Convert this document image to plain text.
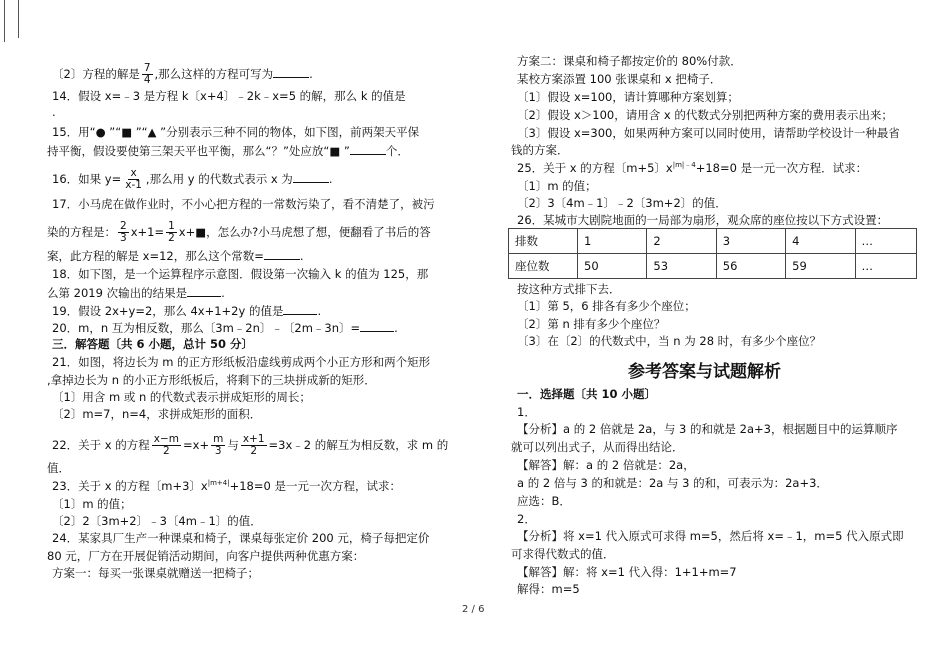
〔2〕方程的解是 $\frac{7}{4}$ ,那么这样的方程可写为	.
14．假设 x=﹣3 是方程 k〔x+4〕﹣2k﹣x=5 的解，那么 k 的值是
.
15．用“● ”“■ ”“▲ ”分别表示三种不同的物体，如下图，前两架天平保
持平衡，假设要使第三架天平也平衡，那么“？”处应放“■ ”	个．
16．如果 $y= \frac{x}{x-1}$ ,那么用 y 的代数式表示 x 为	.
17．小马虎在做作业时，不小心把方程的一常数污染了，看不清楚了，被污
染的方程是： $\frac{2}{3} x+1= \frac{1}{2}$ x+■，怎么办?小马虎想了想，便翻看了书后的答
案，此方程的解是 x=12，那么这个常数=	.
18．如下图，是一个运算程序示意图．假设第一次输入 k 的值为 125，那
么第 2019 次输出的结果是	.
19．假设 2x+y=2，那么 4x+1+2y 的值是	.
20．m，n 互为相反数，那么〔3m﹣2n〕﹣〔2m﹣3n〕=	.
三．解答题〔共 6 小题，总计 50 分〕
21．如图，将边长为 m 的正方形纸板沿虚线剪成两个小正方形和两个矩形
,拿掉边长为 n 的小正方形纸板后，将剩下的三块拼成新的矩形．
〔1〕用含 m 或 n 的代数式表示拼成矩形的周长；
〔2〕m=7，n=4，求拼成矩形的面积．
22．关于 x 的方程 $\frac{x-m}{2} =x+ \frac{m}{3}$ 与 $\frac{x+1}{2}$ =3x﹣2 的解互为相反数，求 m 的
值．
23．关于 x 的方程〔m+3〕$x^{|m+4|}+18=0$ 是一元一次方程，试求：
〔1〕m 的值；
〔2〕2〔3m+2〕﹣3〔4m﹣1〕的值．
24．某家具厂生产一种课桌和椅子，课桌每张定价 200 元，椅子每把定价
80 元，厂方在开展促销活动期间，向客户提供两种优惠方案：
方案一：每买一张课桌就赠送一把椅子；
方案二：课桌和椅子都按定价的 80%付款．
某校方案添置 100 张课桌和 x 把椅子．
〔1〕假设 x=100，请计算哪种方案划算；
〔2〕假设 x＞100，请用含 x 的代数式分别把两种方案的费用表示出来；
〔3〕假设 x=300，如果两种方案可以同时使用，请帮助学校设计一种最省
钱的方案．
25．关于 x 的方程〔m+5〕$x^{|m|﹣4}+18=0$ 是一元一次方程．试求：
〔1〕m 的值；
〔2〕3〔4m﹣1〕﹣2〔3m+2〕的值．
26．某城市大剧院地面的一局部为扇形，观众席的座位按以下方式设置：
排数	1	2	3	4	…
座位数	50	53	56	59	…
按这种方式排下去．
〔1〕第 5，6 排各有多少个座位；
〔2〕第 n 排有多少个座位？
〔3〕在〔2〕的代数式中，当 n 为 28 时，有多少个座位？
参考答案与试题解析
一．选择题〔共 10 小题〕
1．
【分析】a 的 2 倍就是 2a，与 3 的和就是 2a+3，根据题目中的运算顺序
就可以列出式子，从而得出结论．
【解答】解：a 的 2 倍就是：2a，
a 的 2 倍与 3 的和就是：2a 与 3 的和，可表示为：2a+3．
应选：B．
2．
【分析】将 x=1 代入原式可求得 m=5，然后将 x=﹣1，m=5 代入原式即
可求得代数式的值．
【解答】解：将 x=1 代入得：1+1+m=7
解得：m=5
2 / 6
